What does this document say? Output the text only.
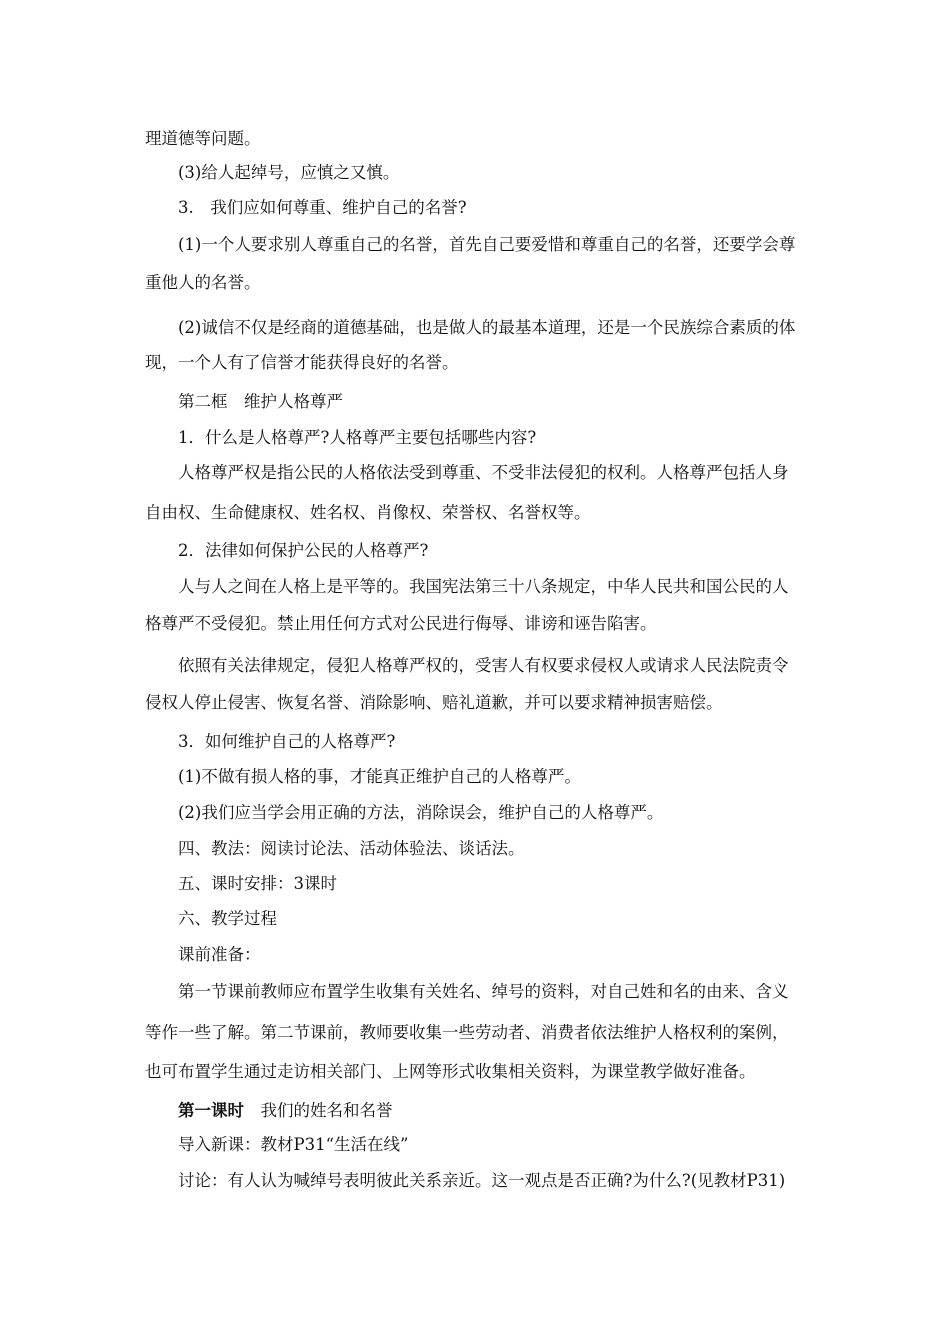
理道德等问题。
(3)给人起绰号，应慎之又慎。
3.　我们应如何尊重、维护自己的名誉?
(1)一个人要求别人尊重自己的名誉，首先自己要爱惜和尊重自己的名誉，还要学会尊
重他人的名誉。
(2)诚信不仅是经商的道德基础，也是做人的最基本道理，还是一个民族综合素质的体
现，一个人有了信誉才能获得良好的名誉。
第二框　维护人格尊严
1．什么是人格尊严?人格尊严主要包括哪些内容?
人格尊严权是指公民的人格依法受到尊重、不受非法侵犯的权利。人格尊严包括人身
自由权、生命健康权、姓名权、肖像权、荣誉权、名誉权等。
2．法律如何保护公民的人格尊严?
人与人之间在人格上是平等的。我国宪法第三十八条规定，中华人民共和国公民的人
格尊严不受侵犯。禁止用任何方式对公民进行侮辱、诽谤和诬告陷害。
依照有关法律规定，侵犯人格尊严权的，受害人有权要求侵权人或请求人民法院责令
侵权人停止侵害、恢复名誉、消除影响、赔礼道歉，并可以要求精神损害赔偿。
3．如何维护自己的人格尊严?
(1)不做有损人格的事，才能真正维护自己的人格尊严。
(2)我们应当学会用正确的方法，消除误会，维护自己的人格尊严。
四、教法：阅读讨论法、活动体验法、谈话法。
五、课时安排：3课时
六、教学过程
课前准备：
第一节课前教师应布置学生收集有关姓名、绰号的资料，对自己姓和名的由来、含义
等作一些了解。第二节课前，教师要收集一些劳动者、消费者依法维护人格权利的案例，
也可布置学生通过走访相关部门、上网等形式收集相关资料，为课堂教学做好准备。
第一课时　我们的姓名和名誉
导入新课：教材P31“生活在线”
讨论：有人认为喊绰号表明彼此关系亲近。这一观点是否正确?为什么?(见教材P31)
